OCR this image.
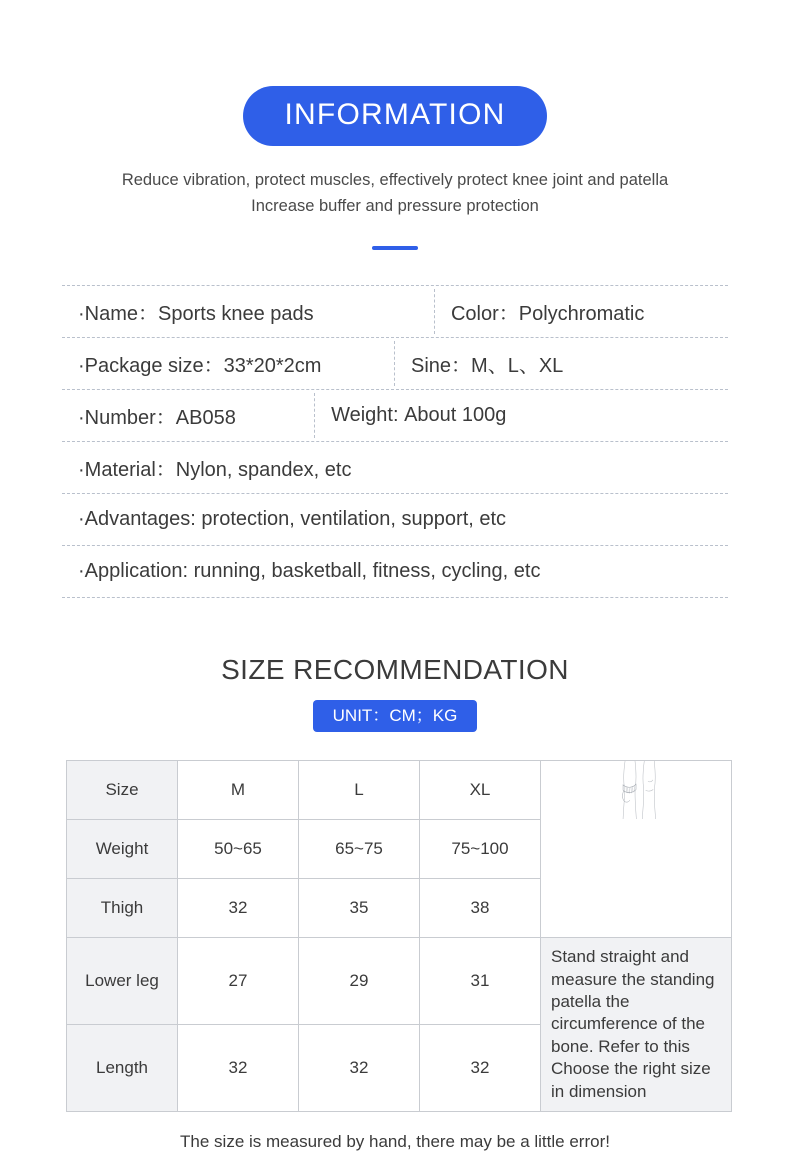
INFORMATION
Reduce vibration, protect muscles, effectively protect knee joint and patella
Increase buffer and pressure protection
·Name：Sports knee pads	Color：Polychromatic
·Package size：33*20*2cm	Sine：M、L、XL
·Number：AB058	Weight: About 100g
·Material：Nylon, spandex, etc
·Advantages: protection, ventilation, support, etc
·Application: running, basketball, fitness, cycling, etc
SIZE RECOMMENDATION
UNIT：CM；KG
Size	M	L	XL	

Weight	50~65	65~75	75~100	
Thigh	32	35	38	
Lower leg	27	29	31	Stand straight and measure the standing patella the circumference of the bone. Refer to this Choose the right size in dimension
Length	32	32	32	
The size is measured by hand, there may be a little error!
